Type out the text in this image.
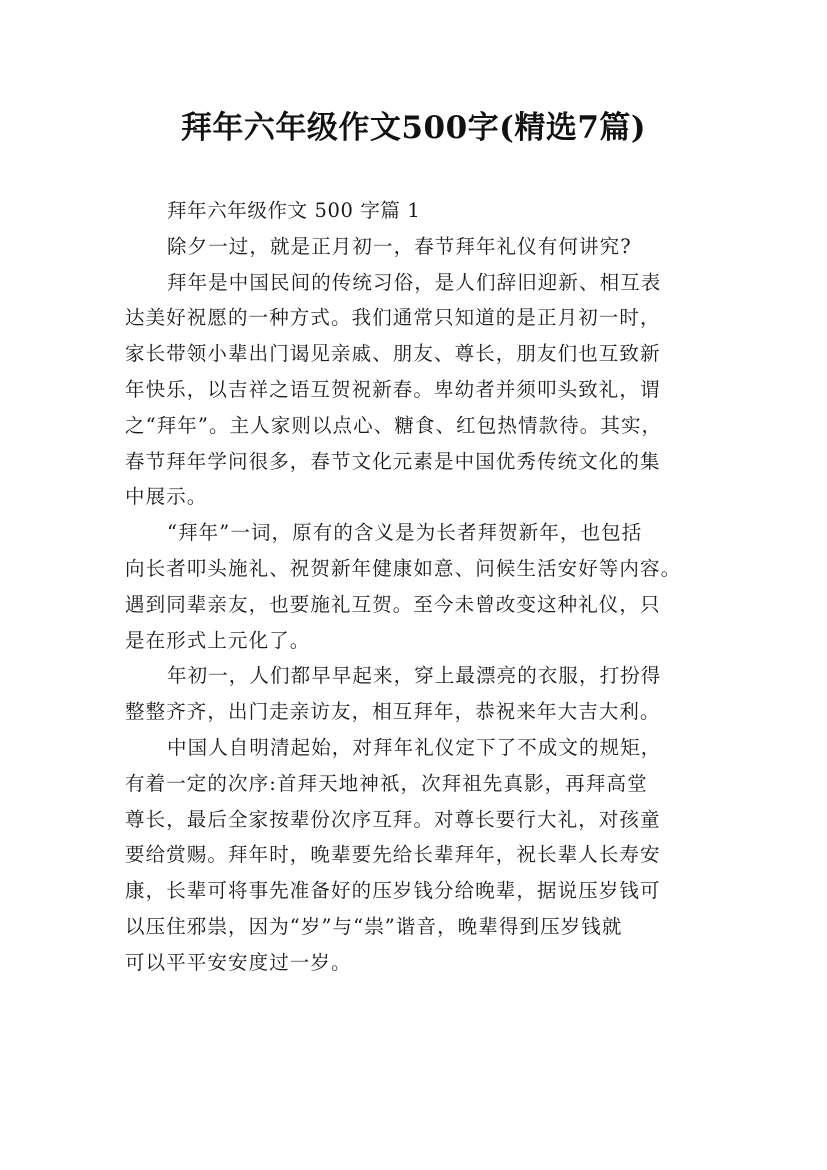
拜年六年级作文500字(精选7篇)
拜年六年级作文 500 字篇 1
除夕一过，就是正月初一，春节拜年礼仪有何讲究?
拜年是中国民间的传统习俗，是人们辞旧迎新、相互表
达美好祝愿的一种方式。我们通常只知道的是正月初一时，
家长带领小辈出门谒见亲戚、朋友、尊长，朋友们也互致新
年快乐，以吉祥之语互贺祝新春。卑幼者并须叩头致礼，谓
之“拜年”。主人家则以点心、糖食、红包热情款待。其实，
春节拜年学问很多，春节文化元素是中国优秀传统文化的集
中展示。
“拜年”一词，原有的含义是为长者拜贺新年，也包括
向长者叩头施礼、祝贺新年健康如意、问候生活安好等内容。
遇到同辈亲友，也要施礼互贺。至今未曾改变这种礼仪，只
是在形式上元化了。
年初一，人们都早早起来，穿上最漂亮的衣服，打扮得
整整齐齐，出门走亲访友，相互拜年，恭祝来年大吉大利。
中国人自明清起始，对拜年礼仪定下了不成文的规矩，
有着一定的次序:首拜天地神祇，次拜祖先真影，再拜高堂
尊长，最后全家按辈份次序互拜。对尊长要行大礼，对孩童
要给赏赐。拜年时，晚辈要先给长辈拜年，祝长辈人长寿安
康，长辈可将事先准备好的压岁钱分给晚辈，据说压岁钱可
以压住邪祟，因为“岁”与“祟”谐音，晚辈得到压岁钱就
可以平平安安度过一岁。
